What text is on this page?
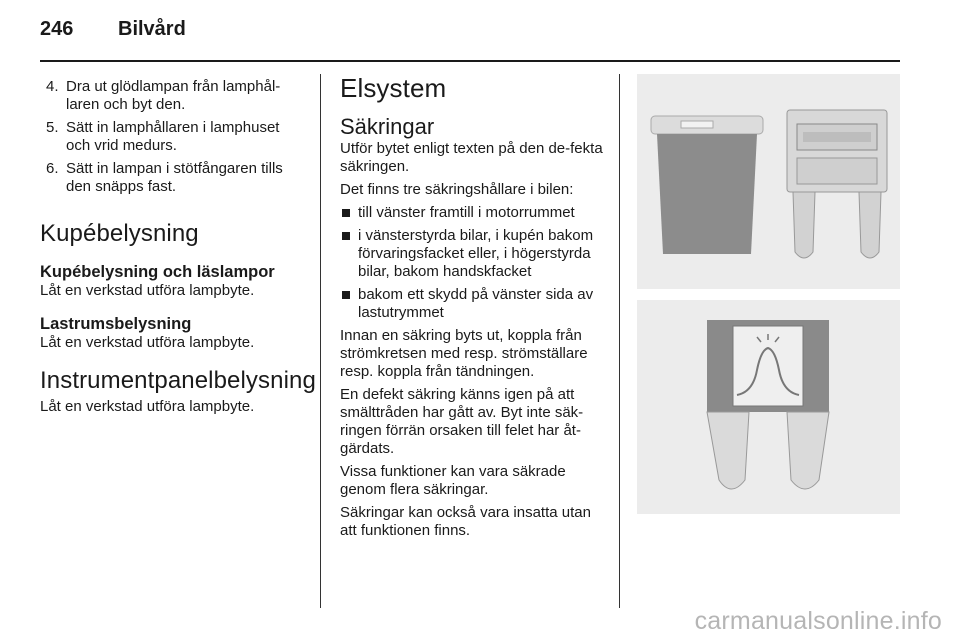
246	Bilvård
4. Dra ut glödlampan från lamphål-laren och byt den.
5. Sätt in lamphållaren i lamphuset och vrid medurs.
6. Sätt in lampan i stötfångaren tills den snäpps fast.
Kupébelysning
Kupébelysning och läslampor

Låt en verkstad utföra lampbyte.

Lastrumsbelysning

Låt en verkstad utföra lampbyte.

Instrumentpanelbelysning

Låt en verkstad utföra lampbyte.

Elsystem
Säkringar

Utför bytet enligt texten på den de-fekta säkringen.

Det finns tre säkringshållare i bilen:

till vänster framtill i motorrummet
i vänsterstyrda bilar, i kupén bakom förvaringsfacket eller, i högerstyrda bilar, bakom handskfacket
bakom ett skydd på vänster sida av lastutrymmet

Innan en säkring byts ut, koppla från strömkretsen med resp. strömställare resp. koppla från tändningen.

En defekt säkring känns igen på att smälttråden har gått av. Byt inte säk-ringen förrän orsaken till felet har åt-gärdats.

Vissa funktioner kan vara säkrade genom flera säkringar.

Säkringar kan också vara insatta utan att funktionen finns.

carmanualsonline.info
